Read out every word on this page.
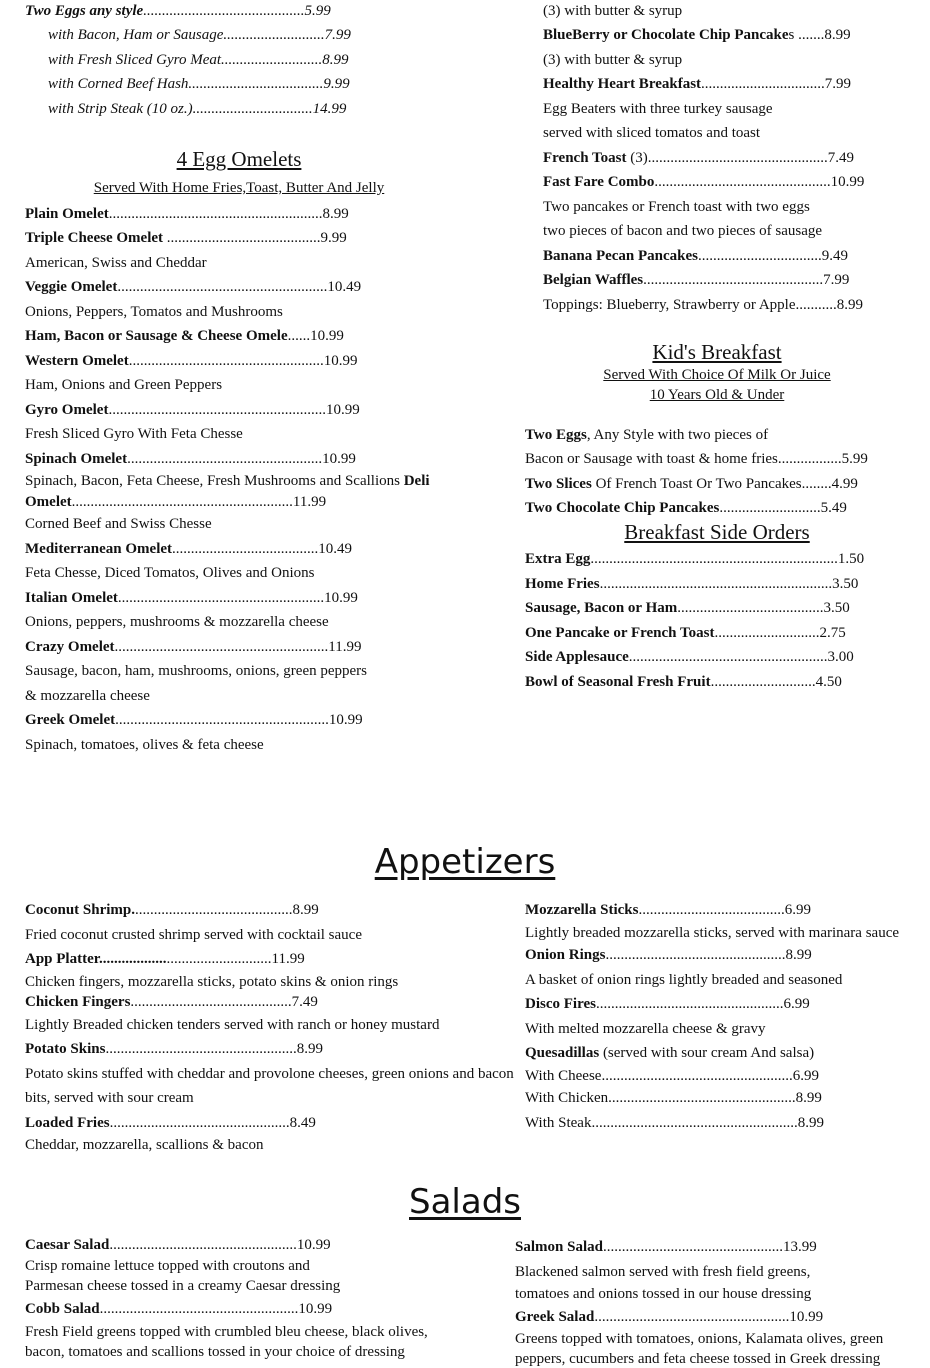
Two Eggs any style...........................................5.99
with Bacon, Ham or Sausage...........................7.99
with Fresh Sliced Gyro Meat...........................8.99
with Corned Beef Hash....................................9.99
with Strip Steak (10 oz.)................................14.99
4 Egg Omelets
Served With Home Fries,Toast, Butter And Jelly
Plain Omelet.........................................................8.99
Triple Cheese Omelet .........................................9.99
American, Swiss and Cheddar
Veggie Omelet........................................................10.49
Onions, Peppers, Tomatos and Mushrooms
Ham, Bacon or Sausage & Cheese Omele......10.99
Western Omelet....................................................10.99
Ham, Onions and Green Peppers
Gyro Omelet..........................................................10.99
Fresh Sliced Gyro With Feta Chesse
Spinach Omelet....................................................10.99
Spinach, Bacon, Feta Cheese, Fresh Mushrooms and Scallions Deli
Omelet...........................................................11.99
Corned Beef and Swiss Chesse
Mediterranean Omelet.......................................10.49
Feta Chesse, Diced Tomatos, Olives and Onions
Italian Omelet.......................................................10.99
Onions, peppers, mushrooms & mozzarella cheese
Crazy Omelet.........................................................11.99
Sausage, bacon, ham, mushrooms, onions, green peppers
& mozzarella cheese
Greek Omelet.........................................................10.99
Spinach, tomatoes, olives & feta cheese
(3) with butter & syrup
BlueBerry or Chocolate Chip Pancakes .......8.99
(3) with butter & syrup
Healthy Heart Breakfast.................................7.99
Egg Beaters with three turkey sausage
served with sliced tomatos and toast
French Toast (3)................................................7.49
Fast Fare Combo...............................................10.99
Two pancakes or French toast with two eggs
two pieces of bacon and two pieces of sausage
Banana Pecan Pancakes.................................9.49
Belgian Waffles................................................7.99
Toppings: Blueberry, Strawberry or Apple...........8.99
Kid's Breakfast
Served With Choice Of Milk Or Juice
10 Years Old & Under
Two Eggs, Any Style with two pieces of
Bacon or Sausage with toast & home fries.................5.99
Two Slices Of French Toast Or Two Pancakes........4.99
Two Chocolate Chip Pancakes...........................5.49
Breakfast Side Orders
Extra Egg..................................................................1.50
Home Fries..............................................................3.50
Sausage, Bacon or Ham.......................................3.50
One Pancake or French Toast............................2.75
Side Applesauce.....................................................3.00
Bowl of Seasonal Fresh Fruit............................4.50
Appetizers
Coconut Shrimp...........................................8.99
Fried coconut crusted shrimp served with cocktail sauce
App Platter..............................................11.99
Chicken fingers, mozzarella sticks, potato skins & onion rings
Chicken Fingers...........................................7.49
Lightly Breaded chicken tenders served with ranch or honey mustard
Potato Skins...................................................8.99
Potato skins stuffed with cheddar and provolone cheeses, green onions and bacon
bits, served with sour cream
Loaded Fries................................................8.49
Cheddar, mozzarella, scallions & bacon
Mozzarella Sticks.......................................6.99
Lightly breaded mozzarella sticks, served with marinara sauce
Onion Rings................................................8.99
A basket of onion rings lightly breaded and seasoned
Disco Fires..................................................6.99
With melted mozzarella cheese & gravy
Quesadillas (served with sour cream And salsa)
With Cheese...................................................6.99
With Chicken..................................................8.99
With Steak.......................................................8.99
Salads
Caesar Salad..................................................10.99
Crisp romaine lettuce topped with croutons and
Parmesan cheese tossed in a creamy Caesar dressing
Cobb Salad.....................................................10.99
Fresh Field greens topped with crumbled bleu cheese, black olives,
bacon, tomatoes and scallions tossed in your choice of dressing
Salmon Salad................................................13.99
Blackened salmon served with fresh field greens,
tomatoes and onions tossed in our house dressing
Greek Salad....................................................10.99
Greens topped with tomatoes, onions, Kalamata olives, green
peppers, cucumbers and feta cheese tossed in Greek dressing
